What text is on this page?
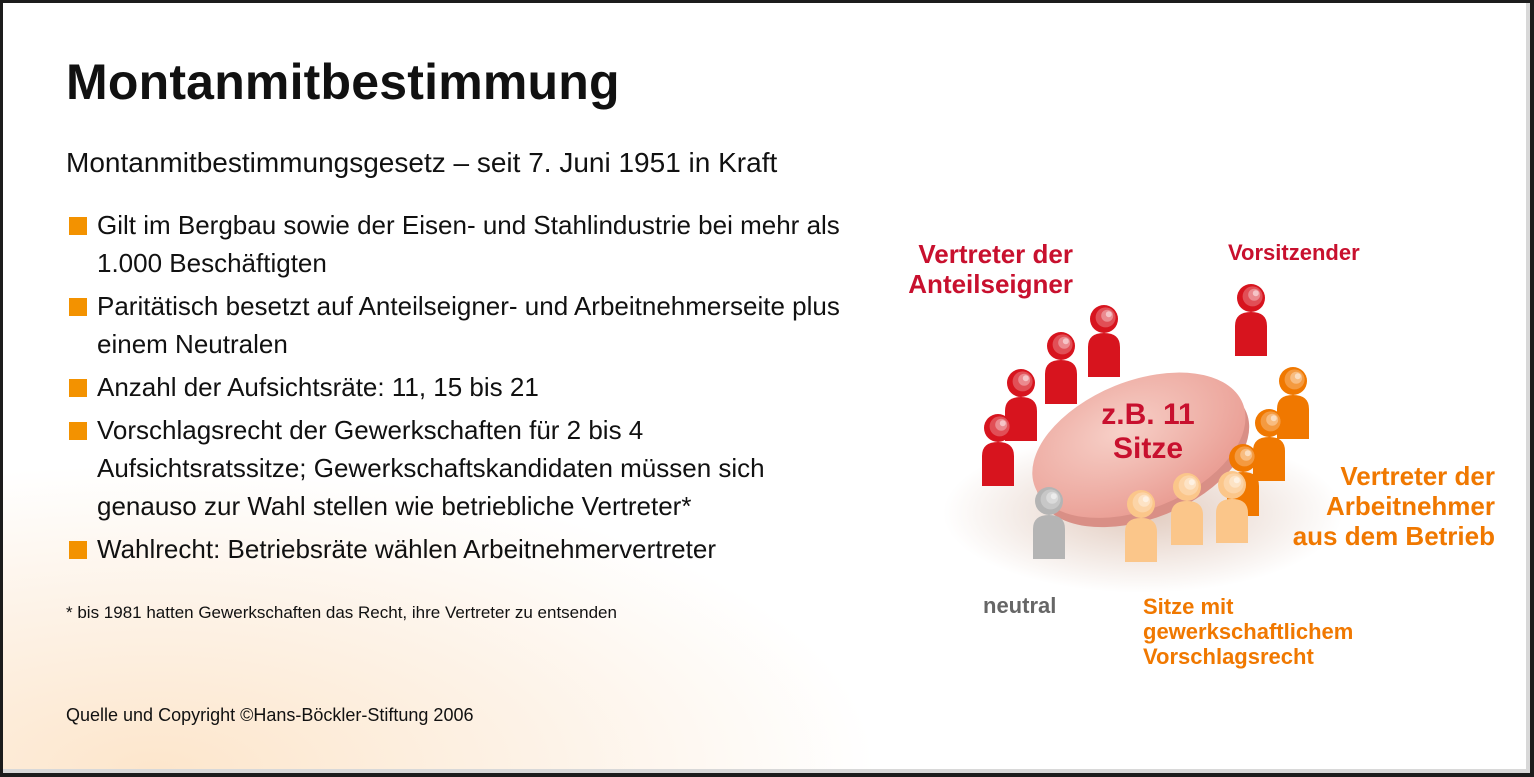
Montanmitbestimmung
Montanmitbestimmungsgesetz – seit 7. Juni 1951 in Kraft
Gilt im Bergbau sowie der Eisen- und Stahlindustrie bei mehr als 1.000 Beschäftigten
Paritätisch besetzt auf Anteilseigner- und Arbeitnehmerseite plus einem Neutralen
Anzahl der Aufsichtsräte: 11, 15 bis 21
Vorschlagsrecht der Gewerkschaften für 2 bis 4 Aufsichtsratssitze; Gewerkschaftskandidaten müssen sich genauso zur Wahl stellen wie betriebliche Vertreter*
Wahlrecht: Betriebsräte wählen Arbeitnehmervertreter
* bis 1981 hatten Gewerkschaften das Recht, ihre Vertreter zu entsenden
Quelle und Copyright ©Hans-Böckler-Stiftung 2006
z.B. 11
Sitze
Vertreter der
Anteilseigner
Vorsitzender
Vertreter der
Arbeitnehmer
aus dem Betrieb
neutral	Sitze mit
gewerkschaftlichem
Vorschlagsrecht
